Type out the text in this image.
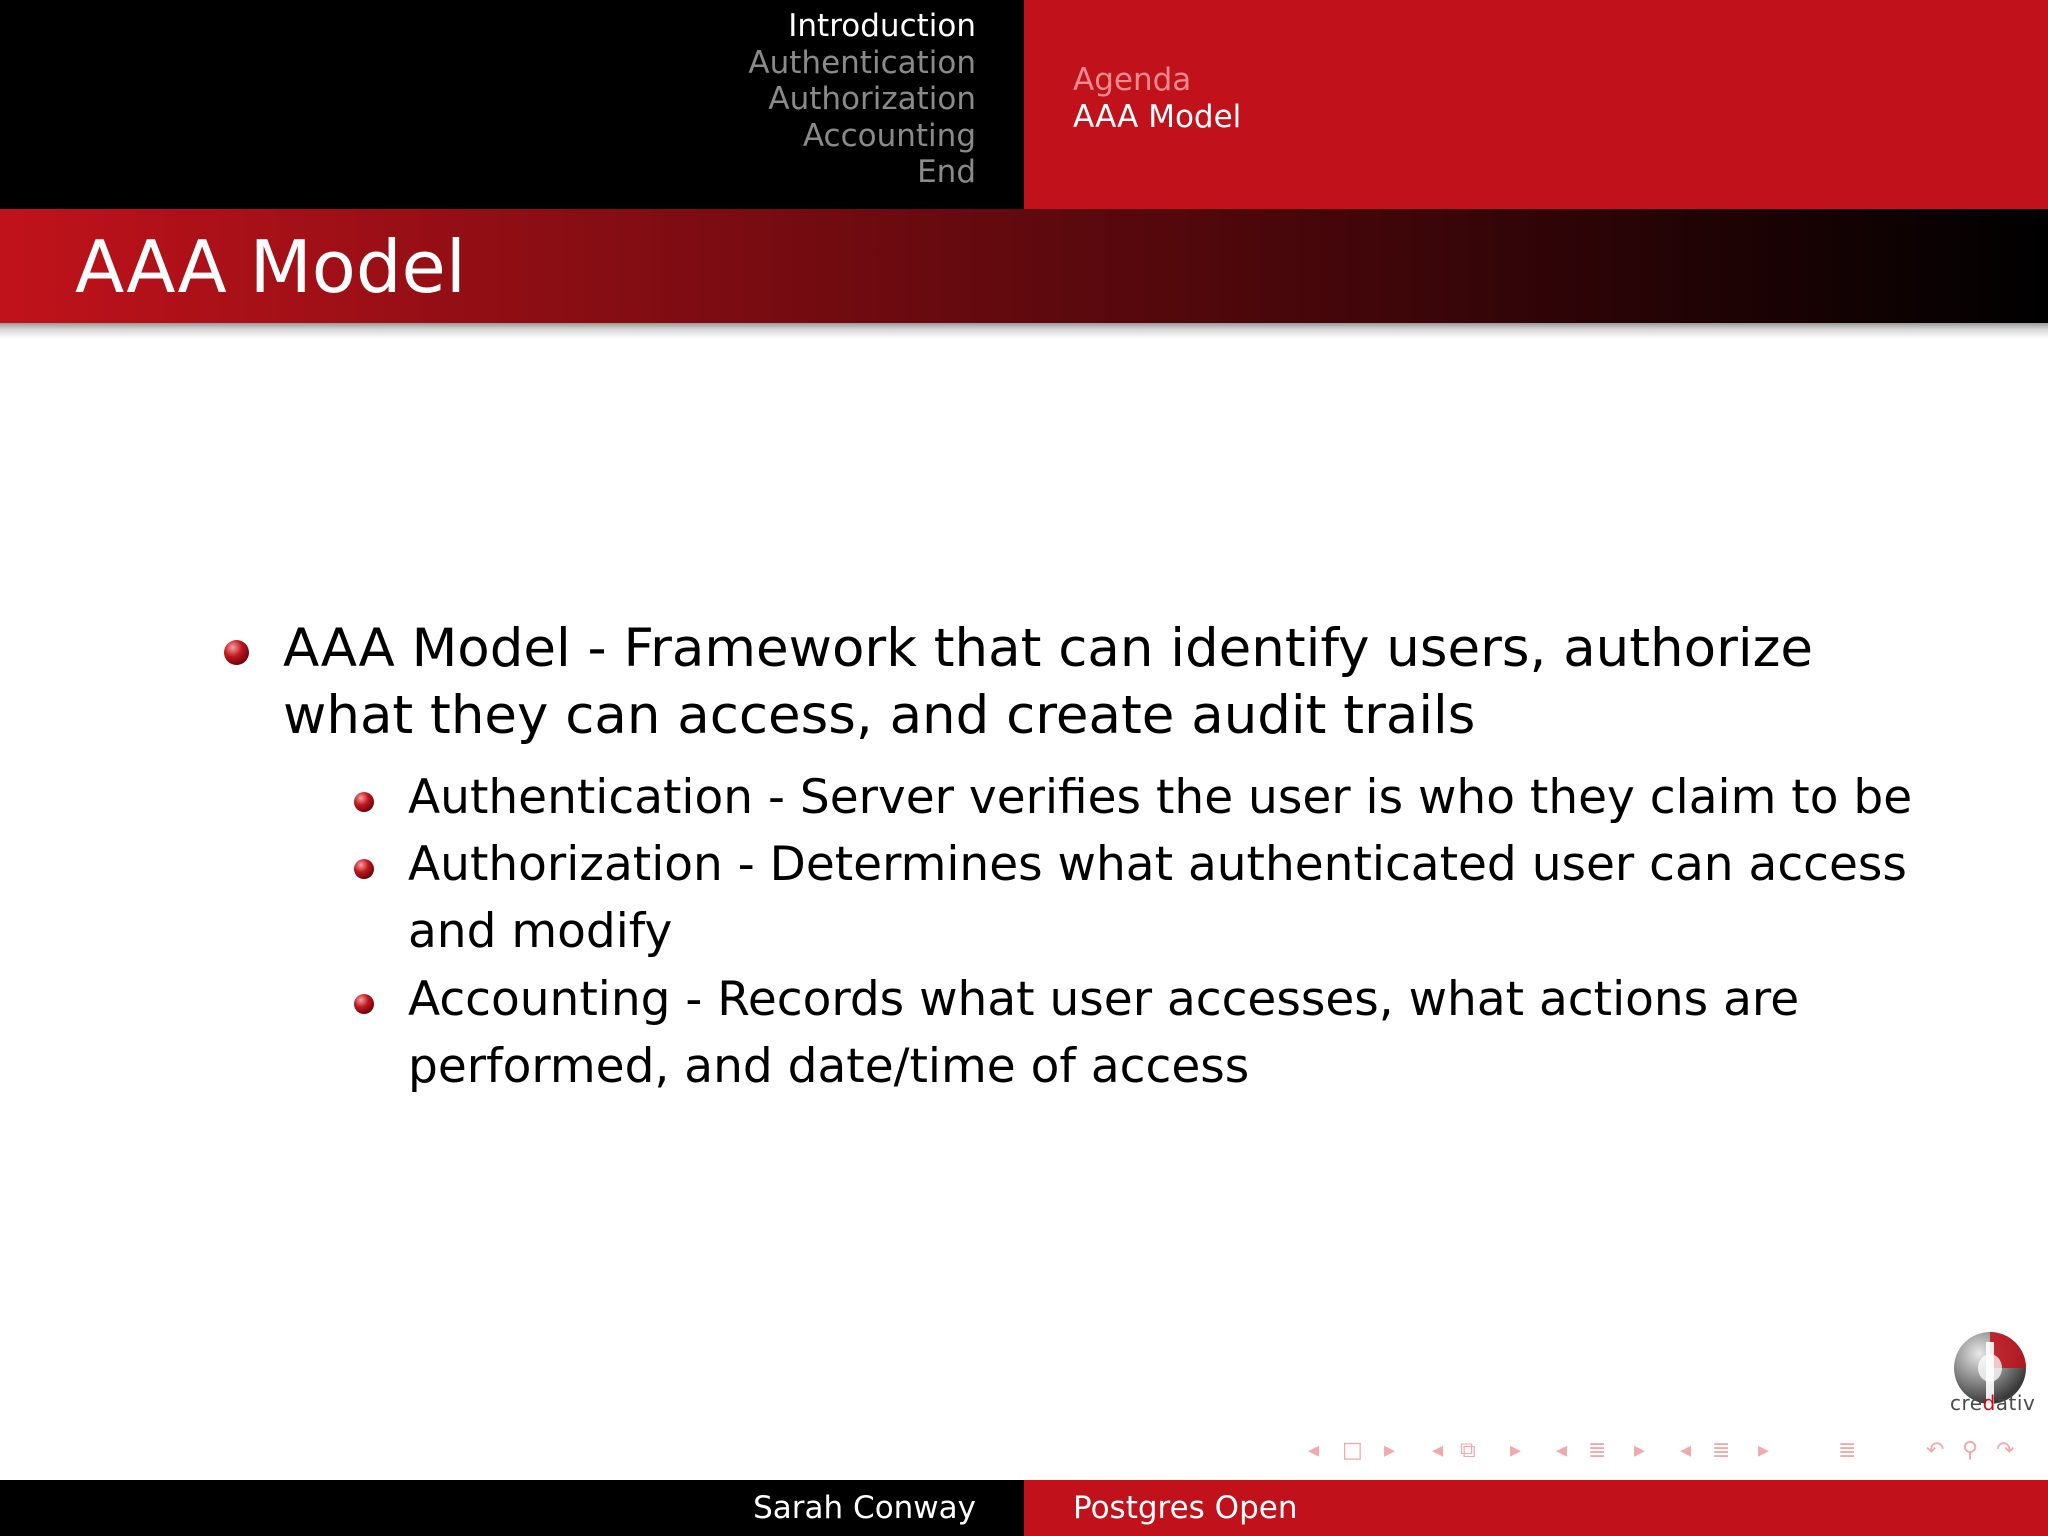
Introduction
Authentication
Authorization
Accounting
End
Agenda
AAA Model
AAA Model
AAA Model - Framework that can identify users, authorize
what they can access, and create audit trails
Authentication - Server verifies the user is who they claim to be
Authorization - Determines what authenticated user can access
and modify
Accounting - Records what user accesses, what actions are
performed, and date/time of access
credativ
◂ □ ▸ ◂ ⧉ ▸ ◂ ≣ ▸ ◂ ≣ ▸	≣	↶ ⚲ ↷
Sarah Conway	Postgres Open
